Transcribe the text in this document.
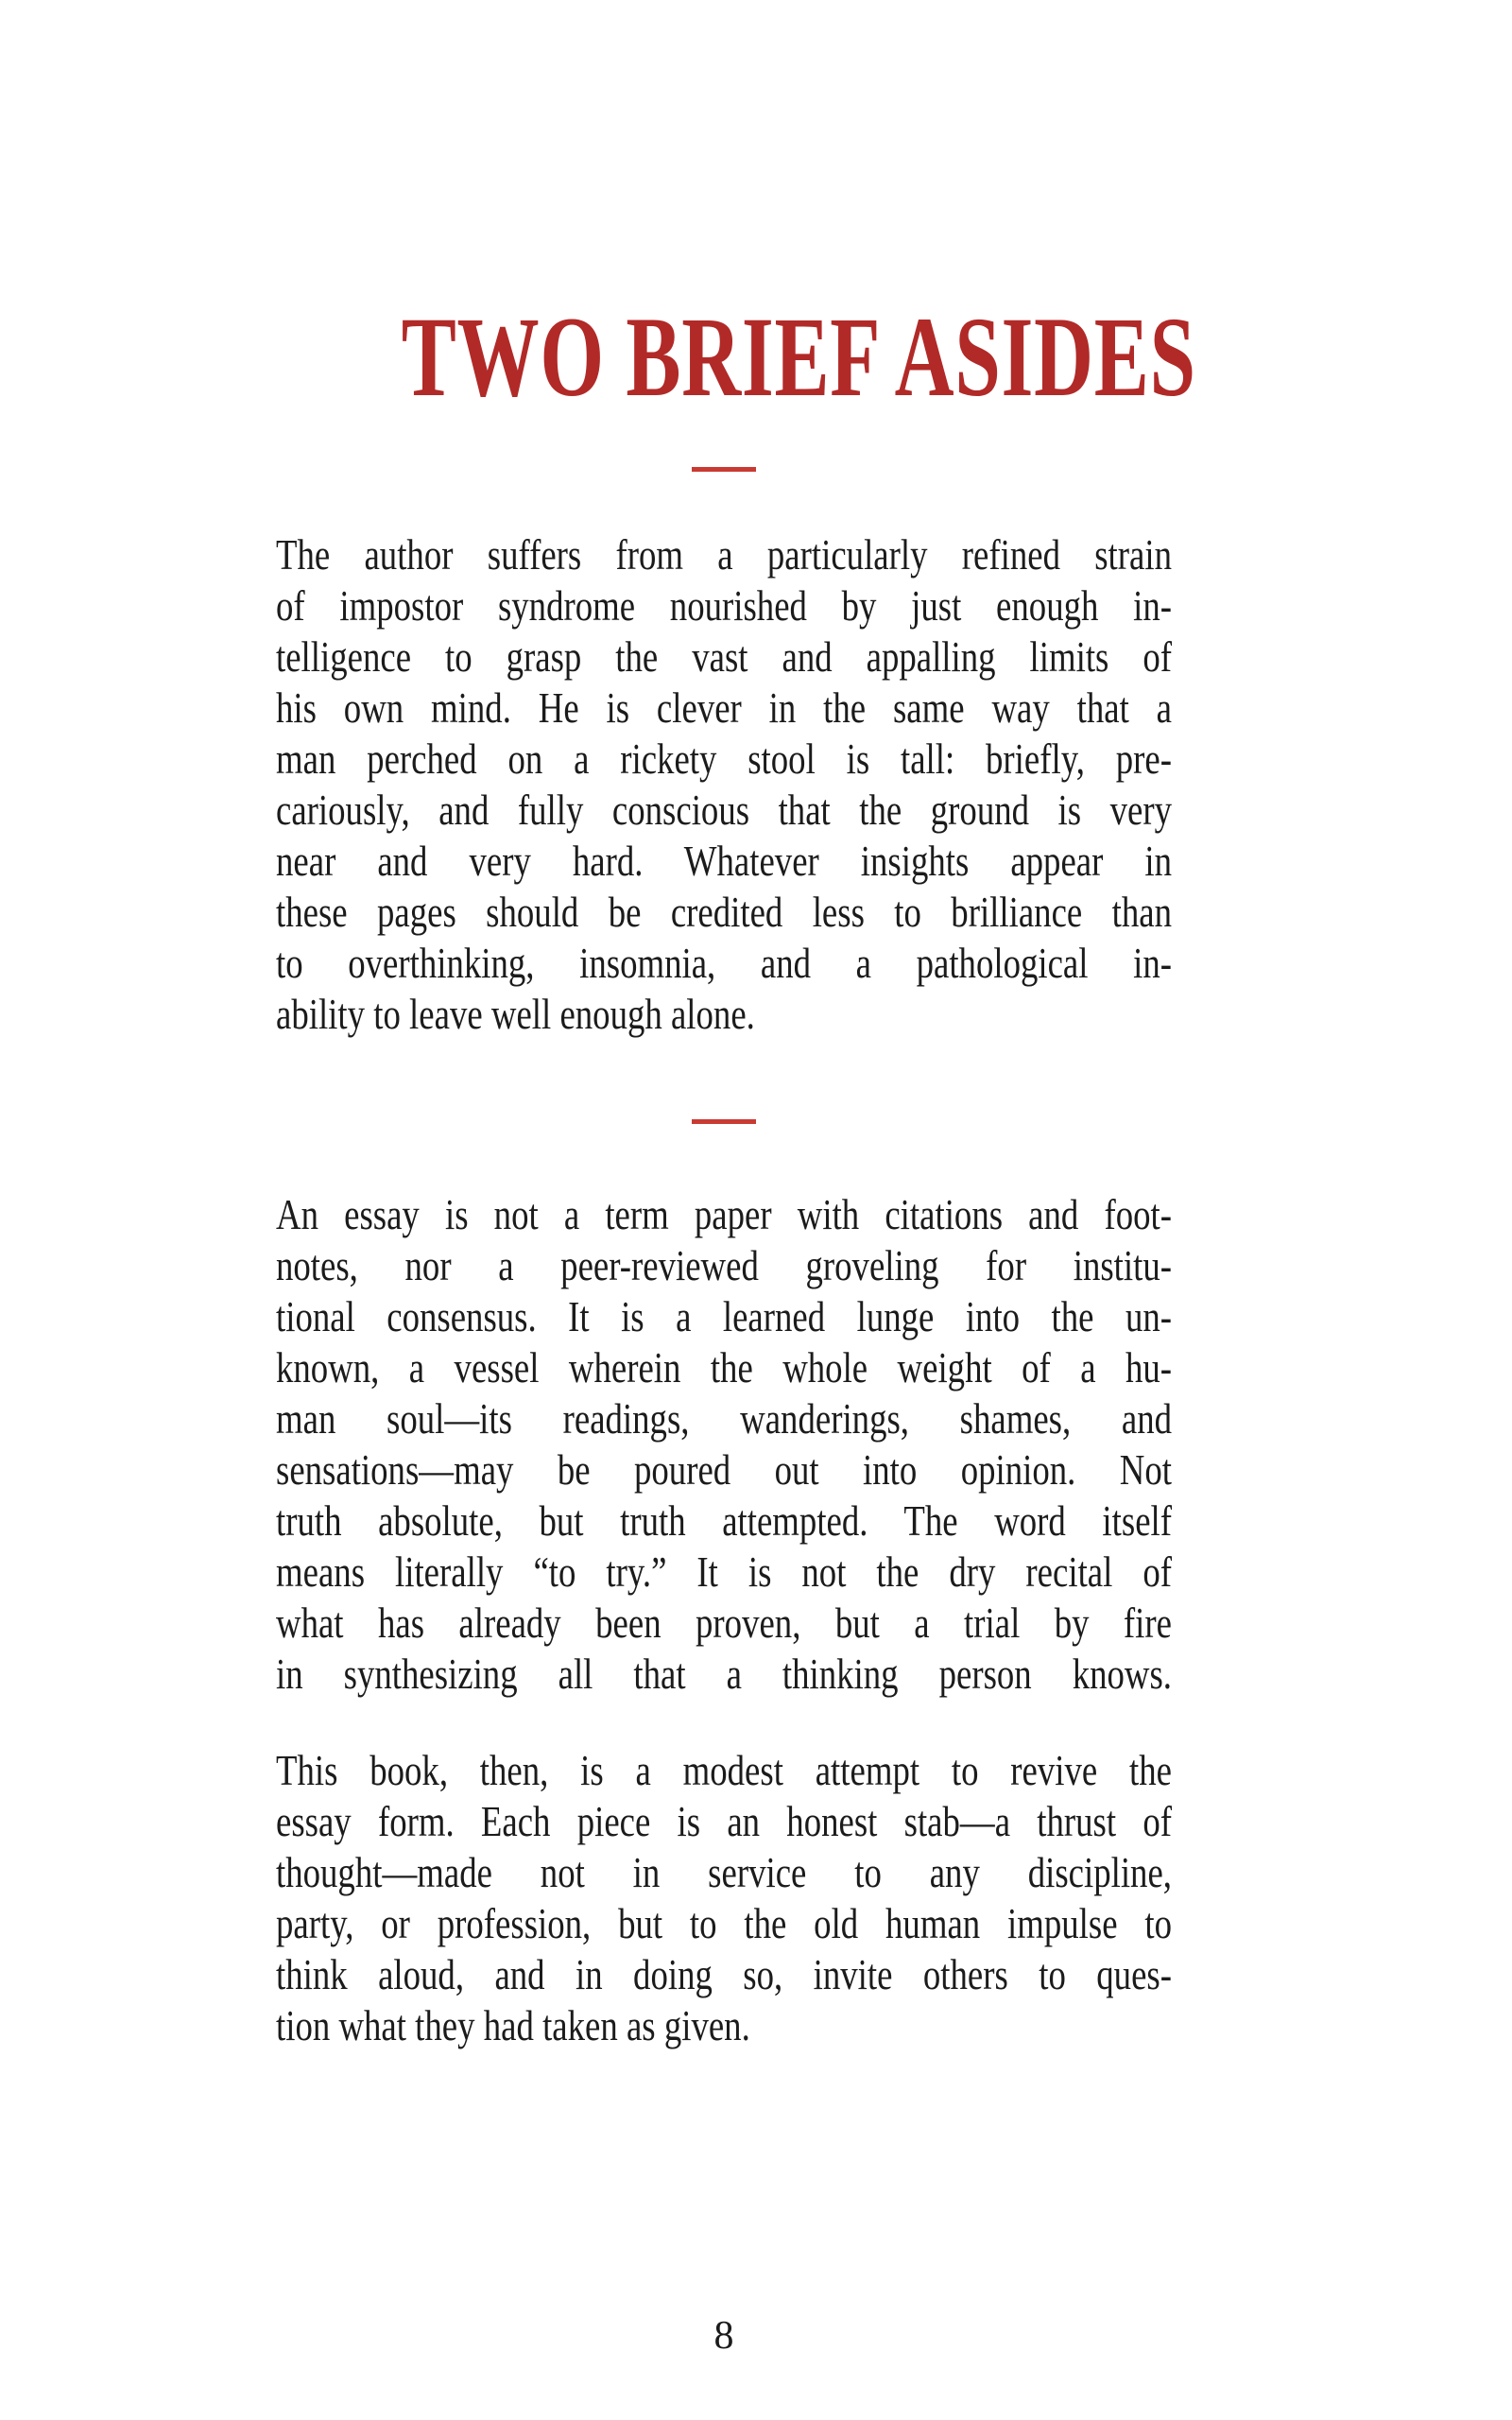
TWO BRIEF ASIDES
The author suffers from a particularly refined strain
of impostor syndrome nourished by just enough in-
telligence to grasp the vast and appalling limits of
his own mind. He is clever in the same way that a
man perched on a rickety stool is tall: briefly, pre-
cariously, and fully conscious that the ground is very
near and very hard. Whatever insights appear in
these pages should be credited less to brilliance than
to overthinking, insomnia, and a pathological in-
ability to leave well enough alone.
An essay is not a term paper with citations and foot-
notes, nor a peer-reviewed groveling for institu-
tional consensus. It is a learned lunge into the un-
known, a vessel wherein the whole weight of a hu-
man soul—its readings, wanderings, shames, and
sensations—may be poured out into opinion. Not
truth absolute, but truth attempted. The word itself
means literally “to try.” It is not the dry recital of
what has already been proven, but a trial by fire
in synthesizing all that a thinking person knows.
This book, then, is a modest attempt to revive the
essay form. Each piece is an honest stab—a thrust of
thought—made not in service to any discipline,
party, or profession, but to the old human impulse to
think aloud, and in doing so, invite others to ques-
tion what they had taken as given.
8
